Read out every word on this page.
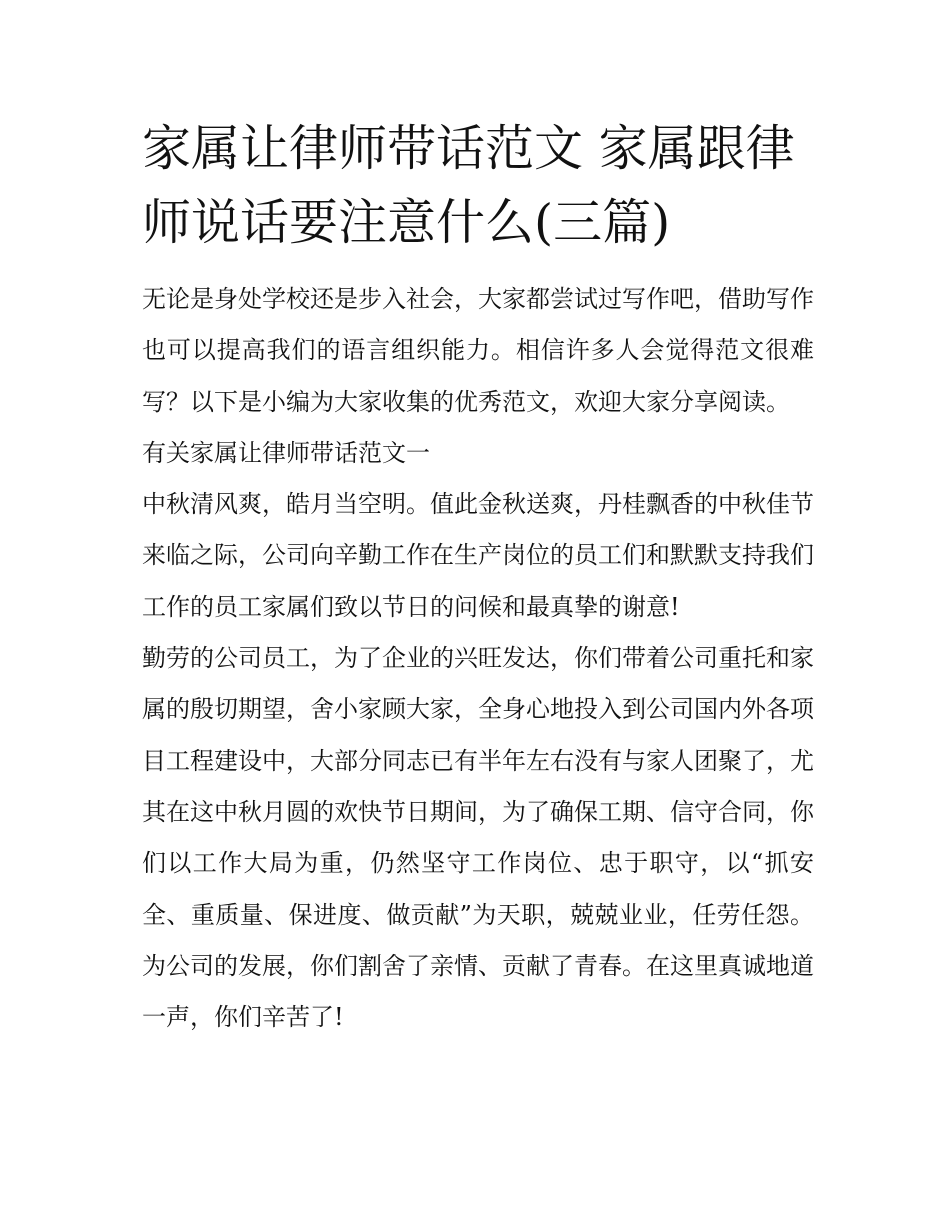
家属让律师带话范文 家属跟律师说话要注意什么(三篇)

无论是身处学校还是步入社会，大家都尝试过写作吧，借助写作也可以提高我们的语言组织能力。相信许多人会觉得范文很难写？以下是小编为大家收集的优秀范文，欢迎大家分享阅读。

有关家属让律师带话范文一

中秋清风爽，皓月当空明。值此金秋送爽，丹桂飘香的中秋佳节来临之际，公司向辛勤工作在生产岗位的员工们和默默支持我们工作的员工家属们致以节日的问候和最真挚的谢意!

勤劳的公司员工，为了企业的兴旺发达，你们带着公司重托和家属的殷切期望，舍小家顾大家，全身心地投入到公司国内外各项目工程建设中，大部分同志已有半年左右没有与家人团聚了，尤其在这中秋月圆的欢快节日期间，为了确保工期、信守合同，你们以工作大局为重，仍然坚守工作岗位、忠于职守，以“抓安全、重质量、保进度、做贡献”为天职，兢兢业业，任劳任怨。为公司的发展，你们割舍了亲情、贡献了青春。在这里真诚地道一声，你们辛苦了!
